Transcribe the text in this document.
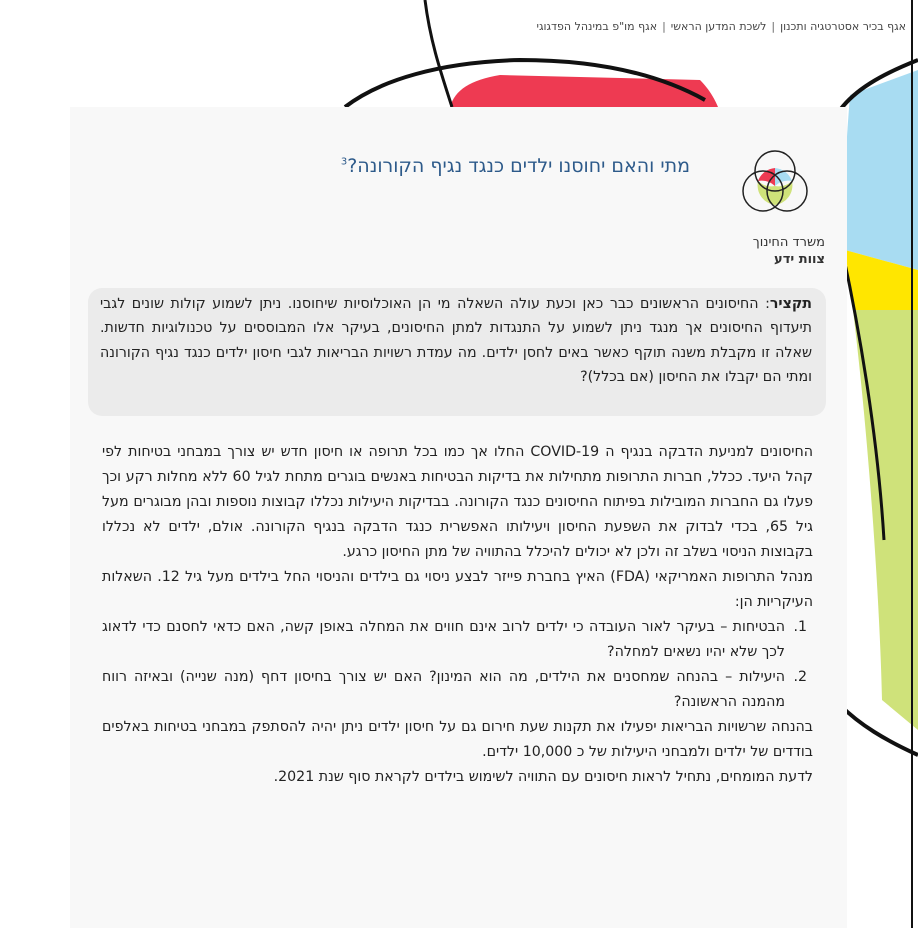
אגף בכיר אסטרטגיה ותכנון|לשכת המדען הראשי|אגף מו"פ במינהל הפדגוגי
משרד החינוך
צוות ידע
מתי והאם יחוסנו ילדים כנגד נגיף הקורונה?$^3$
תקציר: החיסונים הראשונים כבר כאן וכעת עולה השאלה מי הן האוכלוסיות שיחוסנו. ניתן לשמוע קולות שונים לגבי תיעדוף החיסונים אך מנגד ניתן לשמוע על התנגדות למתן החיסונים, בעיקר אלו המבוססים על טכנולוגיות חדשות. שאלה זו מקבלת משנה תוקף כאשר באים לחסן ילדים. מה עמדת רשויות הבריאות לגבי חיסון ילדים כנגד נגיף הקורונה ומתי הם יקבלו את החיסון (אם בכלל)?

החיסונים למניעת הדבקה בנגיף ה COVID-19 החלו אך כמו בכל תרופה או חיסון חדש יש צורך במבחני בטיחות לפי קהל היעד. ככלל, חברות התרופות מתחילות את בדיקות הבטיחות באנשים בוגרים מתחת לגיל 60 ללא מחלות רקע וכך פעלו גם החברות המובילות בפיתוח החיסונים כנגד הקורונה. בבדיקות היעילות נכללו קבוצות נוספות ובהן מבוגרים מעל גיל 65, בכדי לבדוק את השפעת החיסון ויעילותו האפשרית כנגד הדבקה בנגיף הקורונה. אולם, ילדים לא נכללו בקבוצות הניסוי בשלב זה ולכן לא יכולים להיכלל בהתוויה של מתן החיסון כרגע.

מנהל התרופות האמריקאי (FDA) האיץ בחברת פייזר לבצע ניסוי גם בילדים והניסוי החל בילדים מעל גיל 12. השאלות העיקריות הן:

1.
הבטיחות – בעיקר לאור העובדה כי ילדים לרוב אינם חווים את המחלה באופן קשה, האם כדאי לחסנם כדי לדאוג לכך שלא יהיו נשאים למחלה?
2.
היעילות – בהנחה שמחסנים את הילדים, מה הוא המינון? האם יש צורך בחיסון דחף (מנה שנייה) ובאיזה רווח מהמנה הראשונה?

בהנחה שרשויות הבריאות יפעילו את תקנות שעת חירום גם על חיסון ילדים ניתן יהיה להסתפק במבחני בטיחות באלפים בודדים של ילדים ולמבחני היעילות של כ 10,000 ילדים.

לדעת המומחים, נתחיל לראות חיסונים עם התוויה לשימוש בילדים לקראת סוף שנת 2021.
